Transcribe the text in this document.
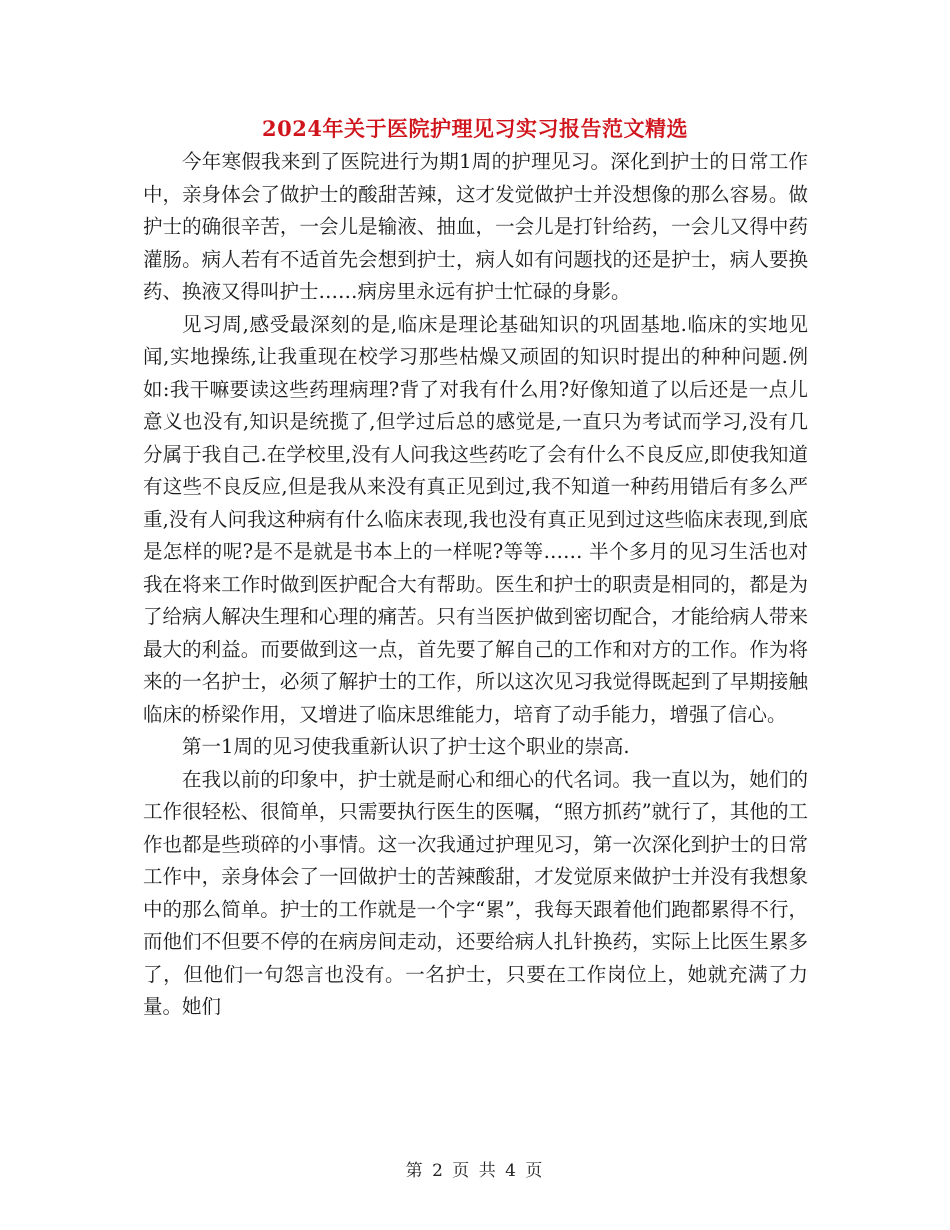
2024年关于医院护理见习实习报告范文精选

今年寒假我来到了医院进行为期1周的护理见习。深化到护士的日常工作中，亲身体会了做护士的酸甜苦辣，这才发觉做护士并没想像的那么容易。做护士的确很辛苦，一会儿是输液、抽血，一会儿是打针给药，一会儿又得中药灌肠。病人若有不适首先会想到护士，病人如有问题找的还是护士，病人要换药、换液又得叫护士……病房里永远有护士忙碌的身影。

见习周,感受最深刻的是,临床是理论基础知识的巩固基地.临床的实地见闻,实地操练,让我重现在校学习那些枯燥又顽固的知识时提出的种种问题.例如:我干嘛要读这些药理病理?背了对我有什么用?好像知道了以后还是一点儿意义也没有,知识是统揽了,但学过后总的感觉是,一直只为考试而学习,没有几分属于我自己.在学校里,没有人问我这些药吃了会有什么不良反应,即使我知道有这些不良反应,但是我从来没有真正见到过,我不知道一种药用错后有多么严重,没有人问我这种病有什么临床表现,我也没有真正见到过这些临床表现,到底是怎样的呢?是不是就是书本上的一样呢?等等…… 半个多月的见习生活也对我在将来工作时做到医护配合大有帮助。医生和护士的职责是相同的，都是为了给病人解决生理和心理的痛苦。只有当医护做到密切配合，才能给病人带来最大的利益。而要做到这一点，首先要了解自己的工作和对方的工作。作为将来的一名护士，必须了解护士的工作，所以这次见习我觉得既起到了早期接触临床的桥梁作用，又增进了临床思维能力，培育了动手能力，增强了信心。

第一1周的见习使我重新认识了护士这个职业的崇高.

在我以前的印象中，护士就是耐心和细心的代名词。我一直以为，她们的工作很轻松、很简单，只需要执行医生的医嘱，“照方抓药”就行了，其他的工作也都是些琐碎的小事情。这一次我通过护理见习，第一次深化到护士的日常工作中，亲身体会了一回做护士的苦辣酸甜，才发觉原来做护士并没有我想象中的那么简单。护士的工作就是一个字“累”，我每天跟着他们跑都累得不行，而他们不但要不停的在病房间走动，还要给病人扎针换药，实际上比医生累多了，但他们一句怨言也没有。一名护士，只要在工作岗位上，她就充满了力量。她们

第 2 页 共 4 页
